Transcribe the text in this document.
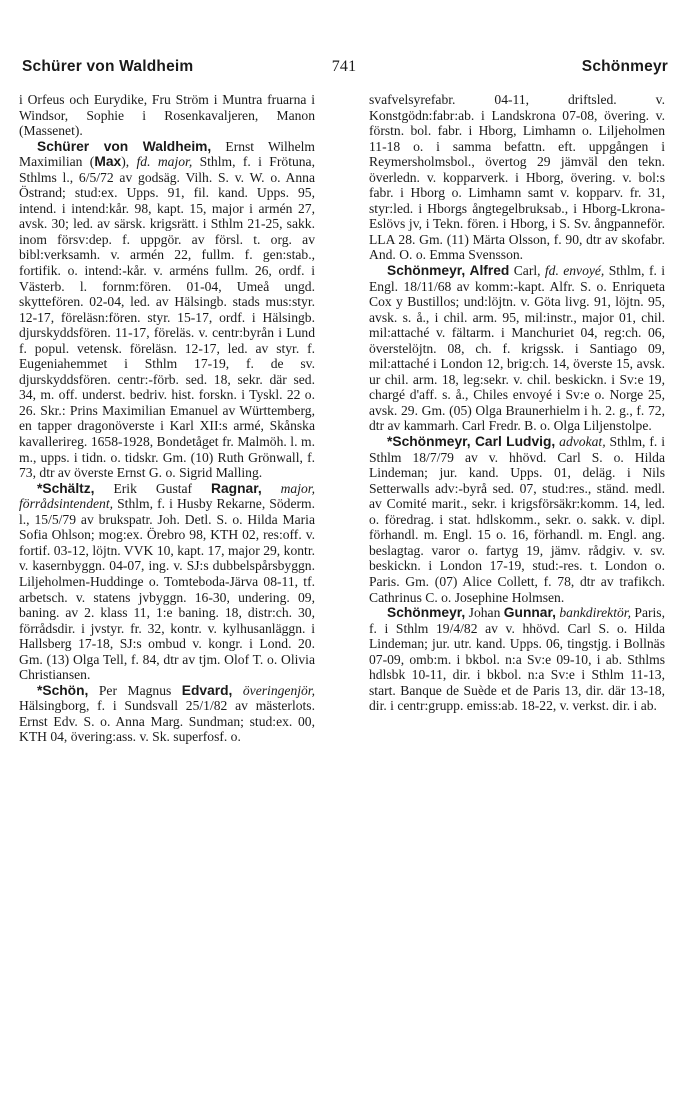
Schürer von Waldheim	741	Schönmeyr

i Orfeus och Eurydike, Fru Ström i Muntra fruarna i Windsor, Sophie i Rosenkavaljeren, Manon (Massenet).

Schürer von Waldheim, Ernst Wilhelm Maximilian (Max), fd. major, Sthlm, f. i Frötuna, Sthlms l., 6/5/72 av godsäg. Vilh. S. v. W. o. Anna Östrand; stud:ex. Upps. 91, fil. kand. Upps. 95, intend. i intend:kår. 98, kapt. 15, major i armén 27, avsk. 30; led. av särsk. krigsrätt. i Sthlm 21-25, sakk. inom försv:dep. f. uppgör. av försl. t. org. av bibl:verksamh. v. armén 22, fullm. f. gen:stab., fortifik. o. intend:-kår. v. arméns fullm. 26, ordf. i Västerb. l. fornm:fören. 01-04, Umeå ungd. skyttefören. 02-04, led. av Hälsingb. stads mus:styr. 12-17, föreläsn:fören. styr. 15-17, ordf. i Hälsingb. djurskyddsfören. 11-17, föreläs. v. centr:byrån i Lund f. popul. vetensk. föreläsn. 12-17, led. av styr. f. Eugeniahemmet i Sthlm 17-19, f. de sv. djurskyddsfören. centr:-förb. sed. 18, sekr. där sed. 34, m. off. underst. bedriv. hist. forskn. i Tyskl. 22 o. 26. Skr.: Prins Maximilian Emanuel av Württemberg, en tapper dragonöverste i Karl XII:s armé, Skånska kavallerireg. 1658-1928, Bondetåget fr. Malmöh. l. m. m., upps. i tidn. o. tidskr. Gm. (10) Ruth Grönwall, f. 73, dtr av överste Ernst G. o. Sigrid Malling.

*Schältz, Erik Gustaf Ragnar, major, förrådsintendent, Sthlm, f. i Husby Rekarne, Söderm. l., 15/5/79 av brukspatr. Joh. Detl. S. o. Hilda Maria Sofia Ohlson; mog:ex. Örebro 98, KTH 02, res:off. v. fortif. 03-12, löjtn. VVK 10, kapt. 17, major 29, kontr. v. kasernbyggn. 04-07, ing. v. SJ:s dubbelspårsbyggn. Liljeholmen-Huddinge o. Tomteboda-Järva 08-11, tf. arbetsch. v. statens jvbyggn. 16-30, undering. 09, baning. av 2. klass 11, 1:e baning. 18, distr:ch. 30, förrådsdir. i jvstyr. fr. 32, kontr. v. kylhusanläggn. i Hallsberg 17-18, SJ:s ombud v. kongr. i Lond. 20. Gm. (13) Olga Tell, f. 84, dtr av tjm. Olof T. o. Olivia Christiansen.

*Schön, Per Magnus Edvard, överingenjör, Hälsingborg, f. i Sundsvall 25/1/82 av mästerlots. Ernst Edv. S. o. Anna Marg. Sundman; stud:ex. 00, KTH 04, övering:ass. v. Sk. superfosf. o.

svafvelsyrefabr. 04-11, driftsled. v. Konstgödn:fabr:ab. i Landskrona 07-08, övering. v. förstn. bol. fabr. i Hborg, Limhamn o. Liljeholmen 11-18 o. i samma befattn. eft. uppgången i Reymersholmsbol., övertog 29 jämväl den tekn. överledn. v. kopparverk. i Hborg, övering. v. bol:s fabr. i Hborg o. Limhamn samt v. kopparv. fr. 31, styr:led. i Hborgs ångtegelbruksab., i Hborg-Lkrona-Eslövs jv, i Tekn. fören. i Hborg, i S. Sv. ångpanneför. LLA 28. Gm. (11) Märta Olsson, f. 90, dtr av skofabr. And. O. o. Emma Svensson.

Schönmeyr, Alfred Carl, fd. envoyé, Sthlm, f. i Engl. 18/11/68 av komm:-kapt. Alfr. S. o. Enriqueta Cox y Bustillos; und:löjtn. v. Göta livg. 91, löjtn. 95, avsk. s. å., i chil. arm. 95, mil:instr., major 01, chil. mil:attaché v. fältarm. i Manchuriet 04, reg:ch. 06, överstelöjtn. 08, ch. f. krigssk. i Santiago 09, mil:attaché i London 12, brig:ch. 14, överste 15, avsk. ur chil. arm. 18, leg:sekr. v. chil. beskickn. i Sv:e 19, chargé d'aff. s. å., Chiles envoyé i Sv:e o. Norge 25, avsk. 29. Gm. (05) Olga Braunerhielm i h. 2. g., f. 72, dtr av kammarh. Carl Fredr. B. o. Olga Liljenstolpe.

*Schönmeyr, Carl Ludvig, advokat, Sthlm, f. i Sthlm 18/7/79 av v. hhövd. Carl S. o. Hilda Lindeman; jur. kand. Upps. 01, deläg. i Nils Setterwalls adv:-byrå sed. 07, stud:res., ständ. medl. av Comité marit., sekr. i krigsförsäkr:komm. 14, led. o. föredrag. i stat. hdlskomm., sekr. o. sakk. v. dipl. förhandl. m. Engl. 15 o. 16, förhandl. m. Engl. ang. beslagtag. varor o. fartyg 19, jämv. rådgiv. v. sv. beskickn. i London 17-19, stud:-res. t. London o. Paris. Gm. (07) Alice Collett, f. 78, dtr av trafikch. Cathrinus C. o. Josephine Holmsen.

Schönmeyr, Johan Gunnar, bankdirektör, Paris, f. i Sthlm 19/4/82 av v. hhövd. Carl S. o. Hilda Lindeman; jur. utr. kand. Upps. 06, tingstjg. i Bollnäs 07-09, omb:m. i bkbol. n:a Sv:e 09-10, i ab. Sthlms hdlsbk 10-11, dir. i bkbol. n:a Sv:e i Sthlm 11-13, start. Banque de Suède et de Paris 13, dir. där 13-18, dir. i centr:grupp. emiss:ab. 18-22, v. verkst. dir. i ab.
